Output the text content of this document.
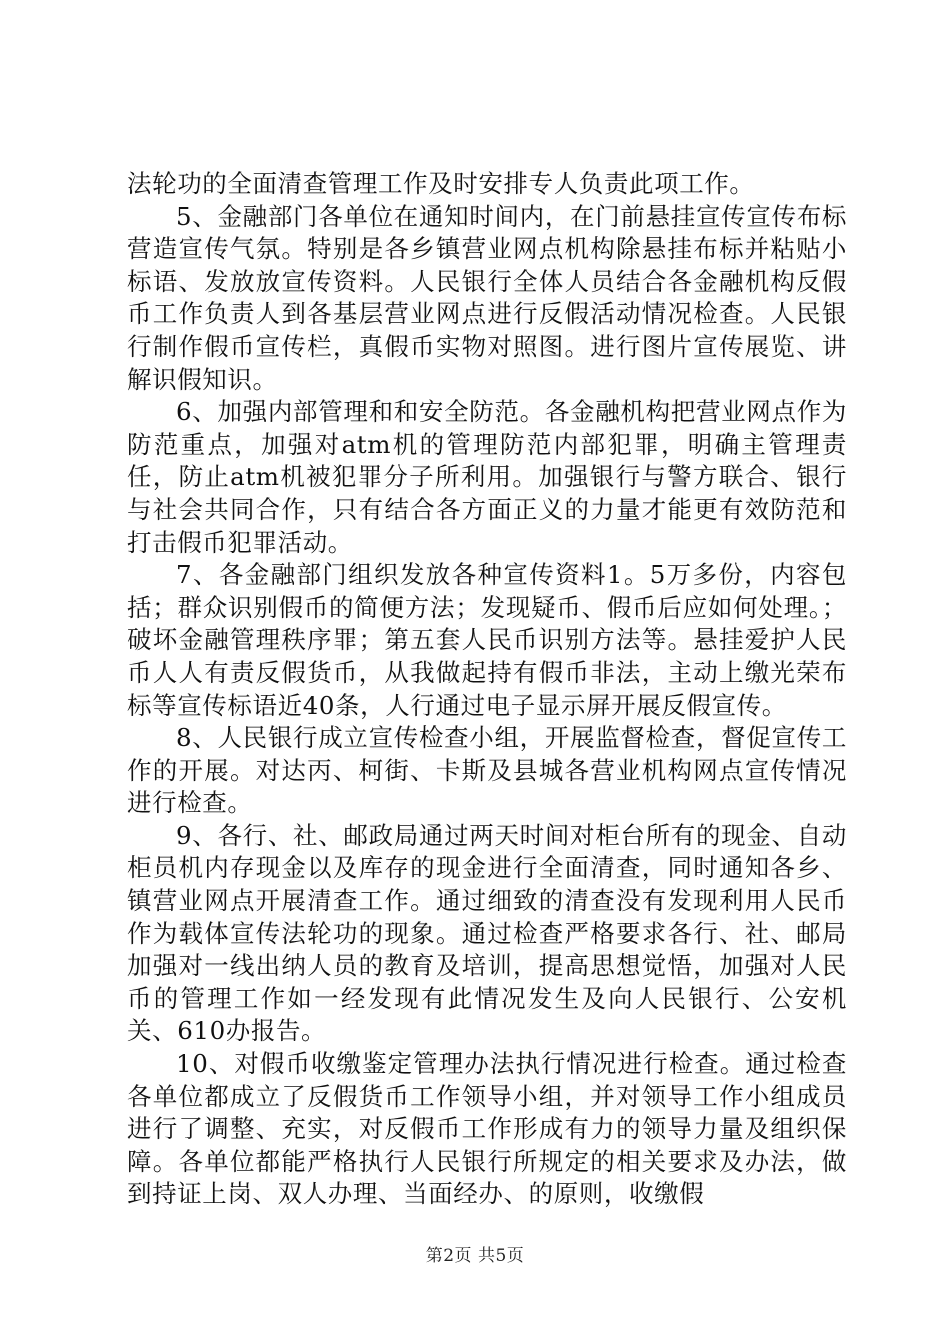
法轮功的全面清查管理工作及时安排专人负责此项工作。

5、金融部门各单位在通知时间内，在门前悬挂宣传宣传布标营造宣传气氛。特别是各乡镇营业网点机构除悬挂布标并粘贴小标语、发放放宣传资料。人民银行全体人员结合各金融机构反假币工作负责人到各基层营业网点进行反假活动情况检查。人民银行制作假币宣传栏，真假币实物对照图。进行图片宣传展览、讲解识假知识。

6、加强内部管理和和安全防范。各金融机构把营业网点作为防范重点，加强对atm机的管理防范内部犯罪，明确主管理责任，防止atm机被犯罪分子所利用。加强银行与警方联合、银行与社会共同合作，只有结合各方面正义的力量才能更有效防范和打击假币犯罪活动。

7、各金融部门组织发放各种宣传资料1。5万多份，内容包括；群众识别假币的简便方法；发现疑币、假币后应如何处理。；破坏金融管理秩序罪；第五套人民币识别方法等。悬挂爱护人民币人人有责反假货币，从我做起持有假币非法，主动上缴光荣布标等宣传标语近40条，人行通过电子显示屏开展反假宣传。

8、人民银行成立宣传检查小组，开展监督检查，督促宣传工作的开展。对达丙、柯街、卡斯及县城各营业机构网点宣传情况进行检查。

9、各行、社、邮政局通过两天时间对柜台所有的现金、自动柜员机内存现金以及库存的现金进行全面清查，同时通知各乡、镇营业网点开展清查工作。通过细致的清查没有发现利用人民币作为载体宣传法轮功的现象。通过检查严格要求各行、社、邮局加强对一线出纳人员的教育及培训，提高思想觉悟，加强对人民币的管理工作如一经发现有此情况发生及向人民银行、公安机关、610办报告。

10、对假币收缴鉴定管理办法执行情况进行检查。通过检查各单位都成立了反假货币工作领导小组，并对领导工作小组成员进行了调整、充实，对反假币工作形成有力的领导力量及组织保障。各单位都能严格执行人民银行所规定的相关要求及办法，做到持证上岗、双人办理、当面经办、的原则，收缴假

第2页 共5页
